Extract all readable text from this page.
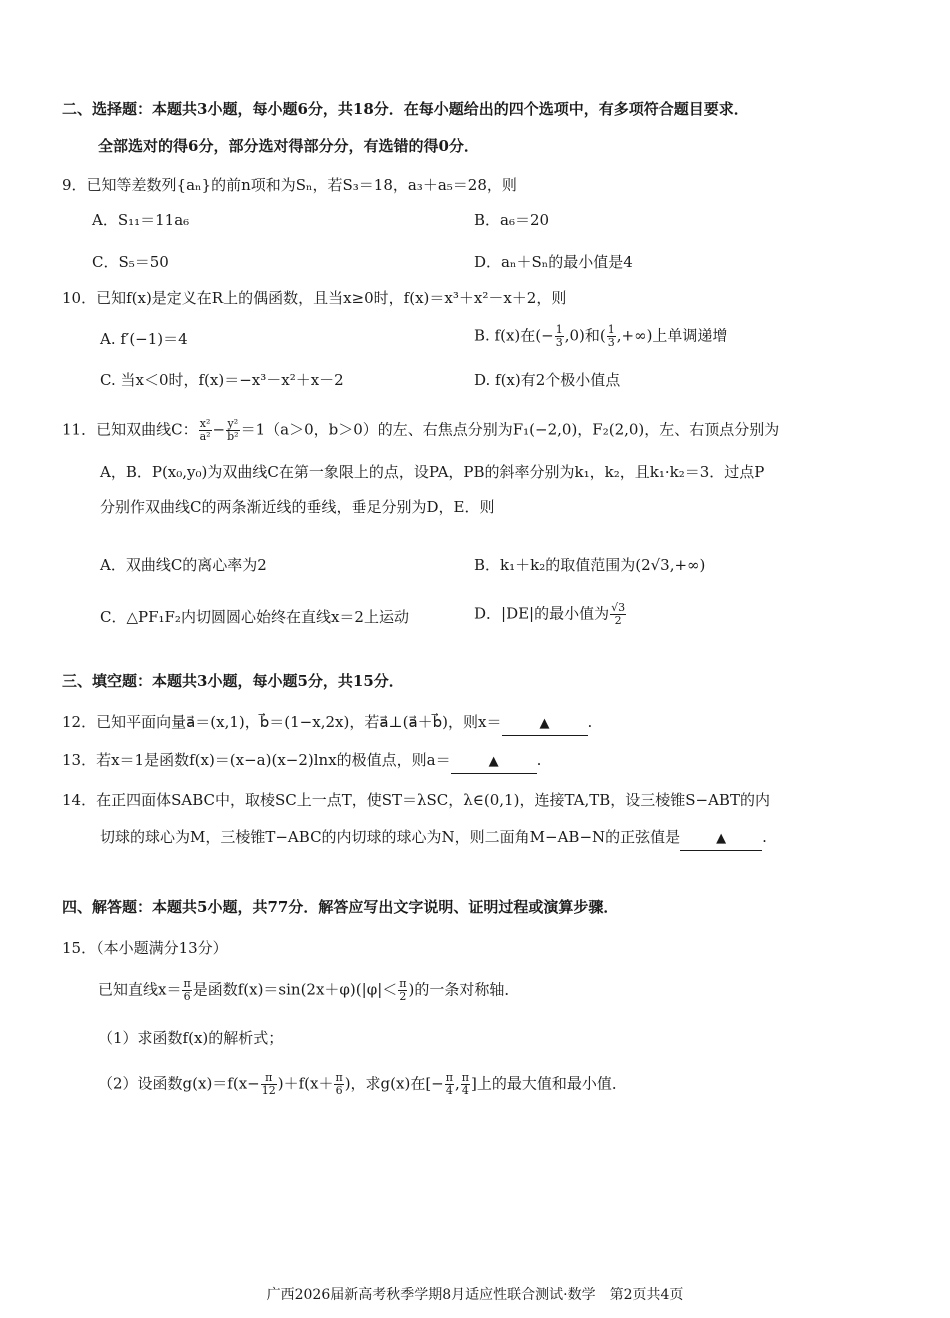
二、选择题：本题共3小题，每小题6分，共18分．在每小题给出的四个选项中，有多项符合题目要求．
全部选对的得6分，部分选对得部分分，有选错的得0分．
9．已知等差数列{aₙ}的前n项和为Sₙ，若S₃＝18，a₃＋a₅＝28，则
A．S₁₁＝11a₆	B．a₆＝20
C．S₅＝50	D．aₙ＋Sₙ的最小值是4
10．已知f(x)是定义在R上的偶函数，且当x≥0时，f(x)＝x³＋x²－x＋2，则
A. f′(−1)＝4	B. f(x)在(− $\frac{1}{3} ,0$)和( $\frac{1}{3}$ ,+∞)上单调递增
C. 当x＜0时，f(x)＝−x³－x²＋x－2	D. f(x)有2个极小值点
11．已知双曲线C： $\frac{\text{x²}}{\text{a²}} - \frac{\text{y²}}{\text{b²}} =1(a>0$，b＞0）的左、右焦点分别为F₁(−2,0)，F₂(2,0)，左、右顶点分别为
A，B．P(x₀,y₀)为双曲线C在第一象限上的点，设PA，PB的斜率分别为k₁，k₂，且k₁·k₂＝3．过点P
分别作双曲线C的两条渐近线的垂线，垂足分别为D，E．则
A．双曲线C的离心率为2	B．k₁＋k₂的取值范围为(2√3,+∞)
C．△PF₁F₂内切圆圆心始终在直线x＝2上运动	D．|DE|的最小值为 $\frac{√3}{2}$
三、填空题：本题共3小题，每小题5分，共15分．
12．已知平面向量a⃗＝(x,1)，b⃗＝(1−x,2x)，若a⃗⊥(a⃗＋b⃗)，则x＝	▲	.
13．若x＝1是函数f(x)＝(x−a)(x−2)lnx的极值点，则a＝	▲	.
14．在正四面体SABC中，取棱SC上一点T，使ST＝λSC，λ∈(0,1)，连接TA,TB，设三棱锥S−ABT的内
切球的球心为M，三棱锥T−ABC的内切球的球心为N，则二面角M−AB−N的正弦值是	▲ .
四、解答题：本题共5小题，共77分．解答应写出文字说明、证明过程或演算步骤．
15．（本小题满分13分）
已知直线$x= \frac{\pi}{6}$ 是函数$f(x)=\sin(2x+\varphi)(|\varphi|< \frac{\pi}{2}$ )的一条对称轴．
（1）求函数f(x)的解析式；
（2）设函数$g(x)=f(x- \frac{\pi}{12} )+f(x+ \frac{\pi}{6}$ )，求g(x)在[− $\frac{\pi}{4}$ , $\frac{\pi}{4}$ ]上的最大值和最小值．
广西2026届新高考秋季学期8月适应性联合测试·数学　第2页共4页
